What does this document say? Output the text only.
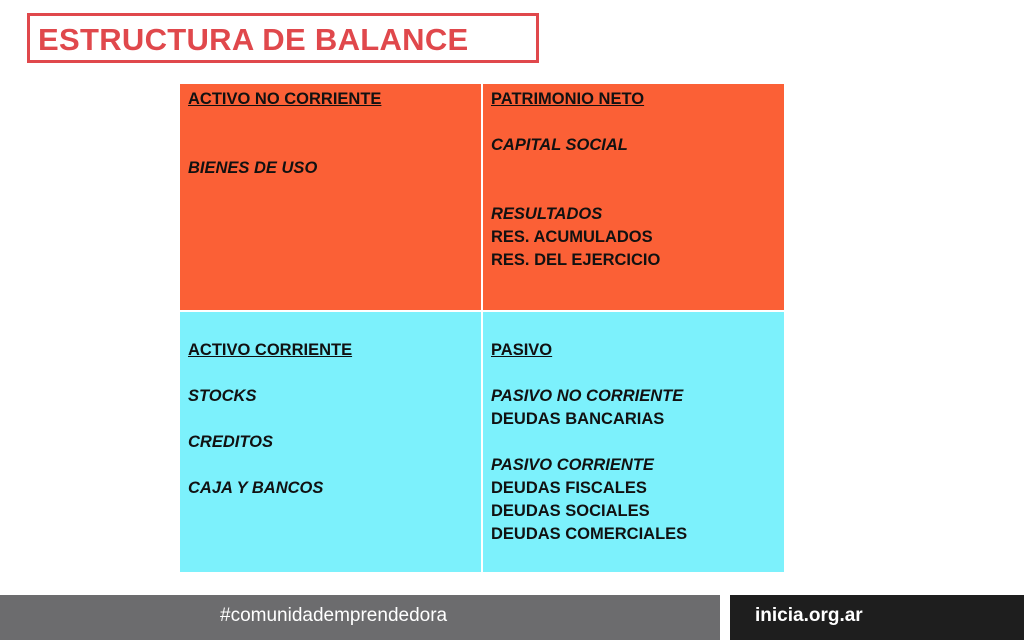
ESTRUCTURA DE BALANCE
ACTIVO NO CORRIENTE
BIENES DE USO
PATRIMONIO NETO
CAPITAL SOCIAL
RESULTADOS
RES. ACUMULADOS
RES. DEL EJERCICIO
ACTIVO CORRIENTE
STOCKS
CREDITOS
CAJA Y BANCOS
PASIVO
PASIVO NO CORRIENTE
DEUDAS BANCARIAS
PASIVO CORRIENTE
DEUDAS FISCALES
DEUDAS SOCIALES
DEUDAS COMERCIALES
#comunidademprendedora	inicia.org.ar
